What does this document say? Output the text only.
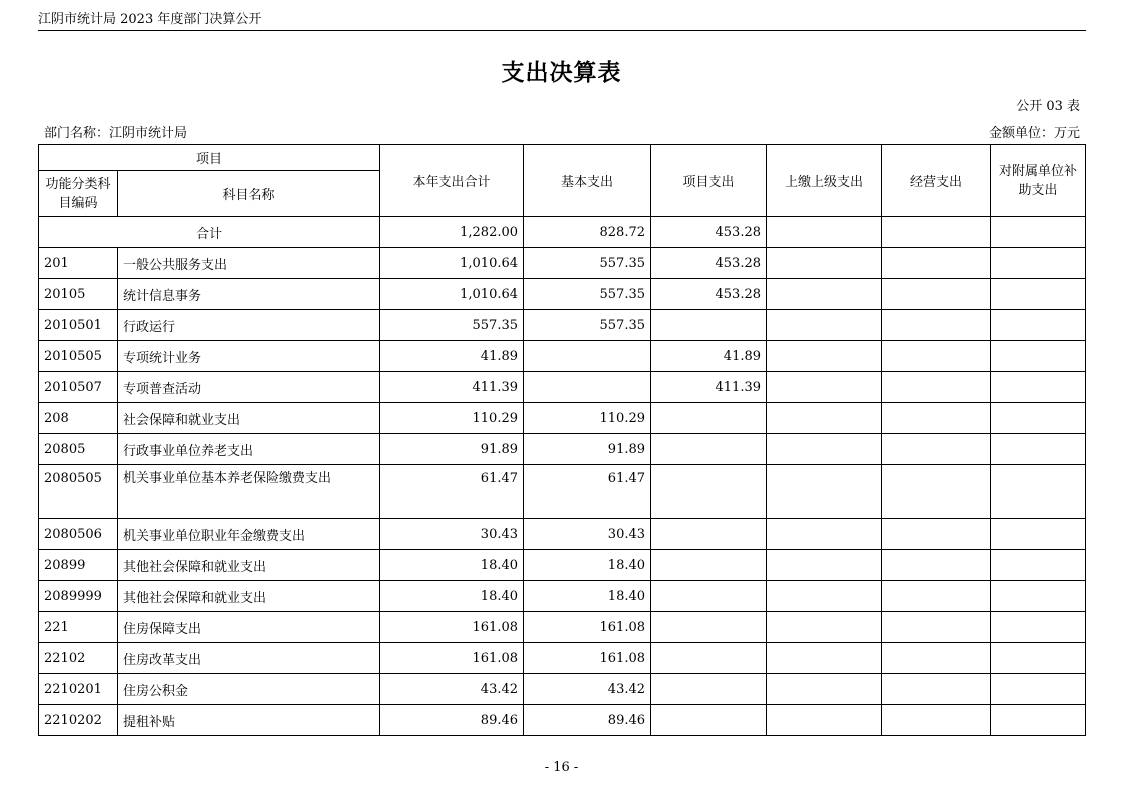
江阴市统计局 2023 年度部门决算公开
支出决算表
公开 03 表
部门名称：江阴市统计局	金额单位：万元
项目		本年支出合计	基本支出	项目支出	上缴上级支出	经营支出	对附属单位补助支出
功能分类科目编码	科目名称						
合计		1,282.00	828.72	453.28			
201	一般公共服务支出	1,010.64	557.35	453.28			
20105	统计信息事务	1,010.64	557.35	453.28			
2010501	行政运行	557.35	557.35				
2010505	专项统计业务	41.89		41.89			
2010507	专项普查活动	411.39		411.39			
208	社会保障和就业支出	110.29	110.29				
20805	行政事业单位养老支出	91.89	91.89				
2080505	机关事业单位基本养老保险缴费支出	61.47	61.47				
2080506	机关事业单位职业年金缴费支出	30.43	30.43				
20899	其他社会保障和就业支出	18.40	18.40				
2089999	其他社会保障和就业支出	18.40	18.40				
221	住房保障支出	161.08	161.08				
22102	住房改革支出	161.08	161.08				
2210201	住房公积金	43.42	43.42				
2210202	提租补贴	89.46	89.46				
- 16 -
